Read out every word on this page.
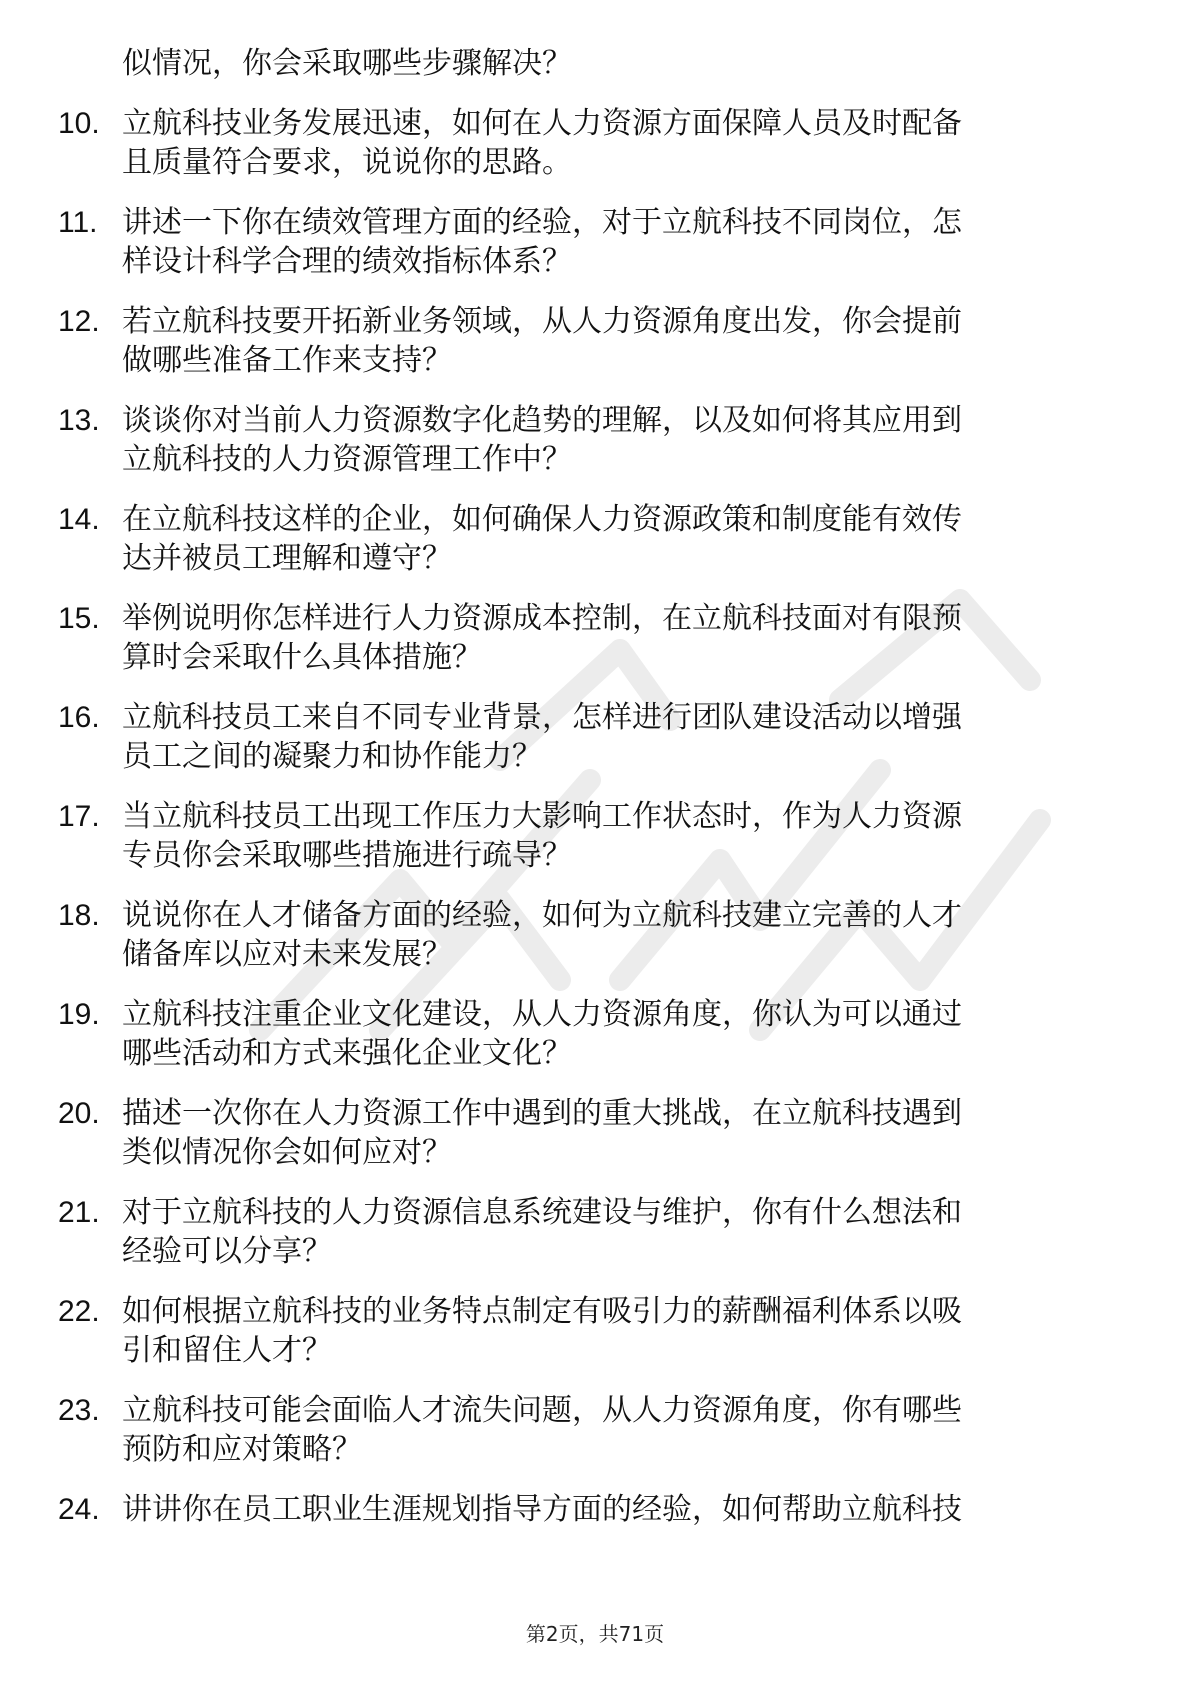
似情况，你会采取哪些步骤解决？
10. 立航科技业务发展迅速，如何在人力资源方面保障人员及时配备
且质量符合要求，说说你的思路。
11. 讲述一下你在绩效管理方面的经验，对于立航科技不同岗位，怎
样设计科学合理的绩效指标体系？
12. 若立航科技要开拓新业务领域，从人力资源角度出发，你会提前
做哪些准备工作来支持？
13. 谈谈你对当前人力资源数字化趋势的理解，以及如何将其应用到
立航科技的人力资源管理工作中？
14. 在立航科技这样的企业，如何确保人力资源政策和制度能有效传
达并被员工理解和遵守？
15. 举例说明你怎样进行人力资源成本控制，在立航科技面对有限预
算时会采取什么具体措施？
16. 立航科技员工来自不同专业背景，怎样进行团队建设活动以增强
员工之间的凝聚力和协作能力？
17. 当立航科技员工出现工作压力大影响工作状态时，作为人力资源
专员你会采取哪些措施进行疏导？
18. 说说你在人才储备方面的经验，如何为立航科技建立完善的人才
储备库以应对未来发展？
19. 立航科技注重企业文化建设，从人力资源角度，你认为可以通过
哪些活动和方式来强化企业文化？
20. 描述一次你在人力资源工作中遇到的重大挑战，在立航科技遇到
类似情况你会如何应对？
21. 对于立航科技的人力资源信息系统建设与维护，你有什么想法和
经验可以分享？
22. 如何根据立航科技的业务特点制定有吸引力的薪酬福利体系以吸
引和留住人才？
23. 立航科技可能会面临人才流失问题，从人力资源角度，你有哪些
预防和应对策略？
24. 讲讲你在员工职业生涯规划指导方面的经验，如何帮助立航科技
第2页，共71页
